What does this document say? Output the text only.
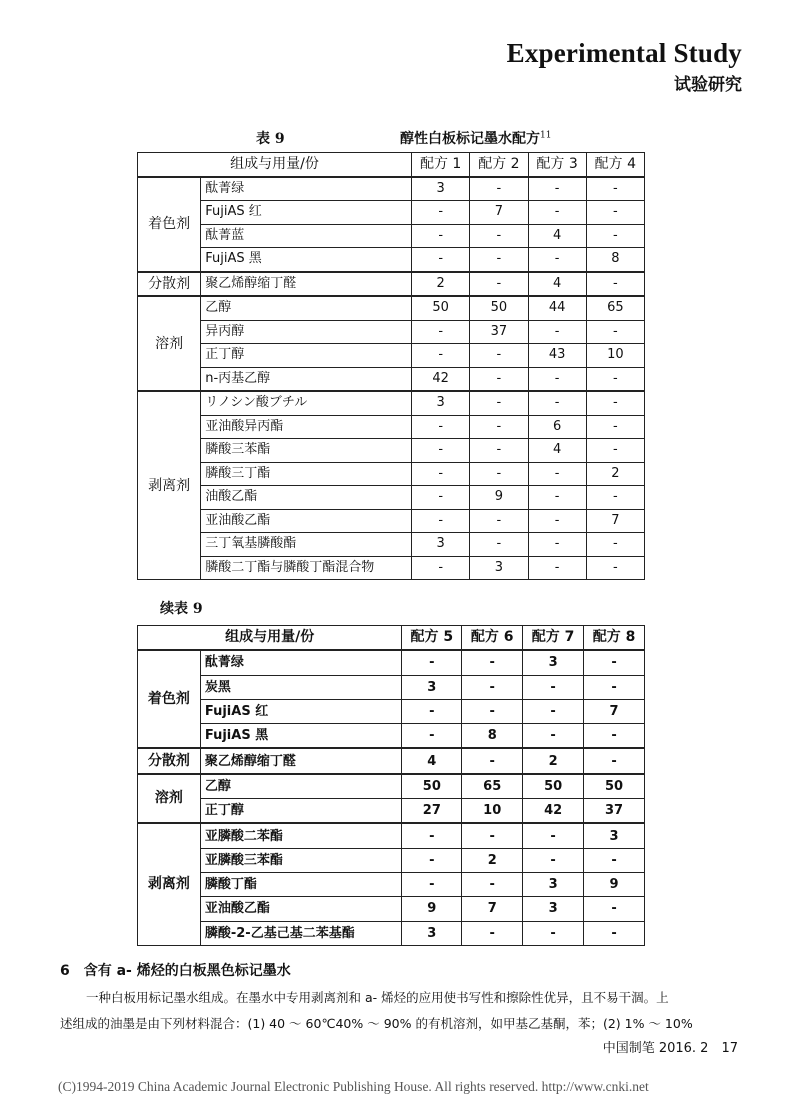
Experimental Study
试验研究
表 9	醇性白板标记墨水配方$^{11}$
组成与用量/份		配方 1	配方 2	配方 3	配方 4
着色剂	酞菁绿	3	-	-	-
	FujiAS 红	-	7	-	-
	酞菁蓝	-	-	4	-
	FujiAS 黑	-	-	-	8
分散剂	聚乙烯醇缩丁醛	2	-	4	-
溶剂	乙醇	50	50	44	65
	异丙醇	-	37	-	-
	正丁醇	-	-	43	10
	n-丙基乙醇	42	-	-	-
剥离剂	リノシン酸ブチル	3	-	-	-
	亚油酸异丙酯	-	-	6	-
	膦酸三苯酯	-	-	4	-
	膦酸三丁酯	-	-	-	2
	油酸乙酯	-	9	-	-
	亚油酸乙酯	-	-	-	7
	三丁氧基膦酸酯	3	-	-	-
	膦酸二丁酯与膦酸丁酯混合物	-	3	-	-
续表 9
组成与用量/份		配方 5	配方 6	配方 7	配方 8
着色剂	酞菁绿	-	-	3	-
	炭黑	3	-	-	-
	FujiAS 红	-	-	-	7
	FujiAS 黑	-	8	-	-
分散剂	聚乙烯醇缩丁醛	4	-	2	-
溶剂	乙醇	50	65	50	50
	正丁醇	27	10	42	37
剥离剂	亚膦酸二苯酯	-	-	-	3
	亚膦酸三苯酯	-	2	-	-
	膦酸丁酯	-	-	3	9
	亚油酸乙酯	9	7	3	-
	膦酸-2-乙基己基二苯基酯	3	-	-	-
6　含有 a- 烯烃的白板黑色标记墨水
一种白板用标记墨水组成。在墨水中专用剥离剂和 a- 烯烃的应用使书写性和擦除性优异，且不易干涸。上
述组成的油墨是由下列材料混合：(1) 40 ～ 60℃40% ～ 90% 的有机溶剂，如甲基乙基酮，苯；(2) 1% ～ 10%
中国制笔 2016. 2　17
(C)1994-2019 China Academic Journal Electronic Publishing House. All rights reserved. http://www.cnki.net
